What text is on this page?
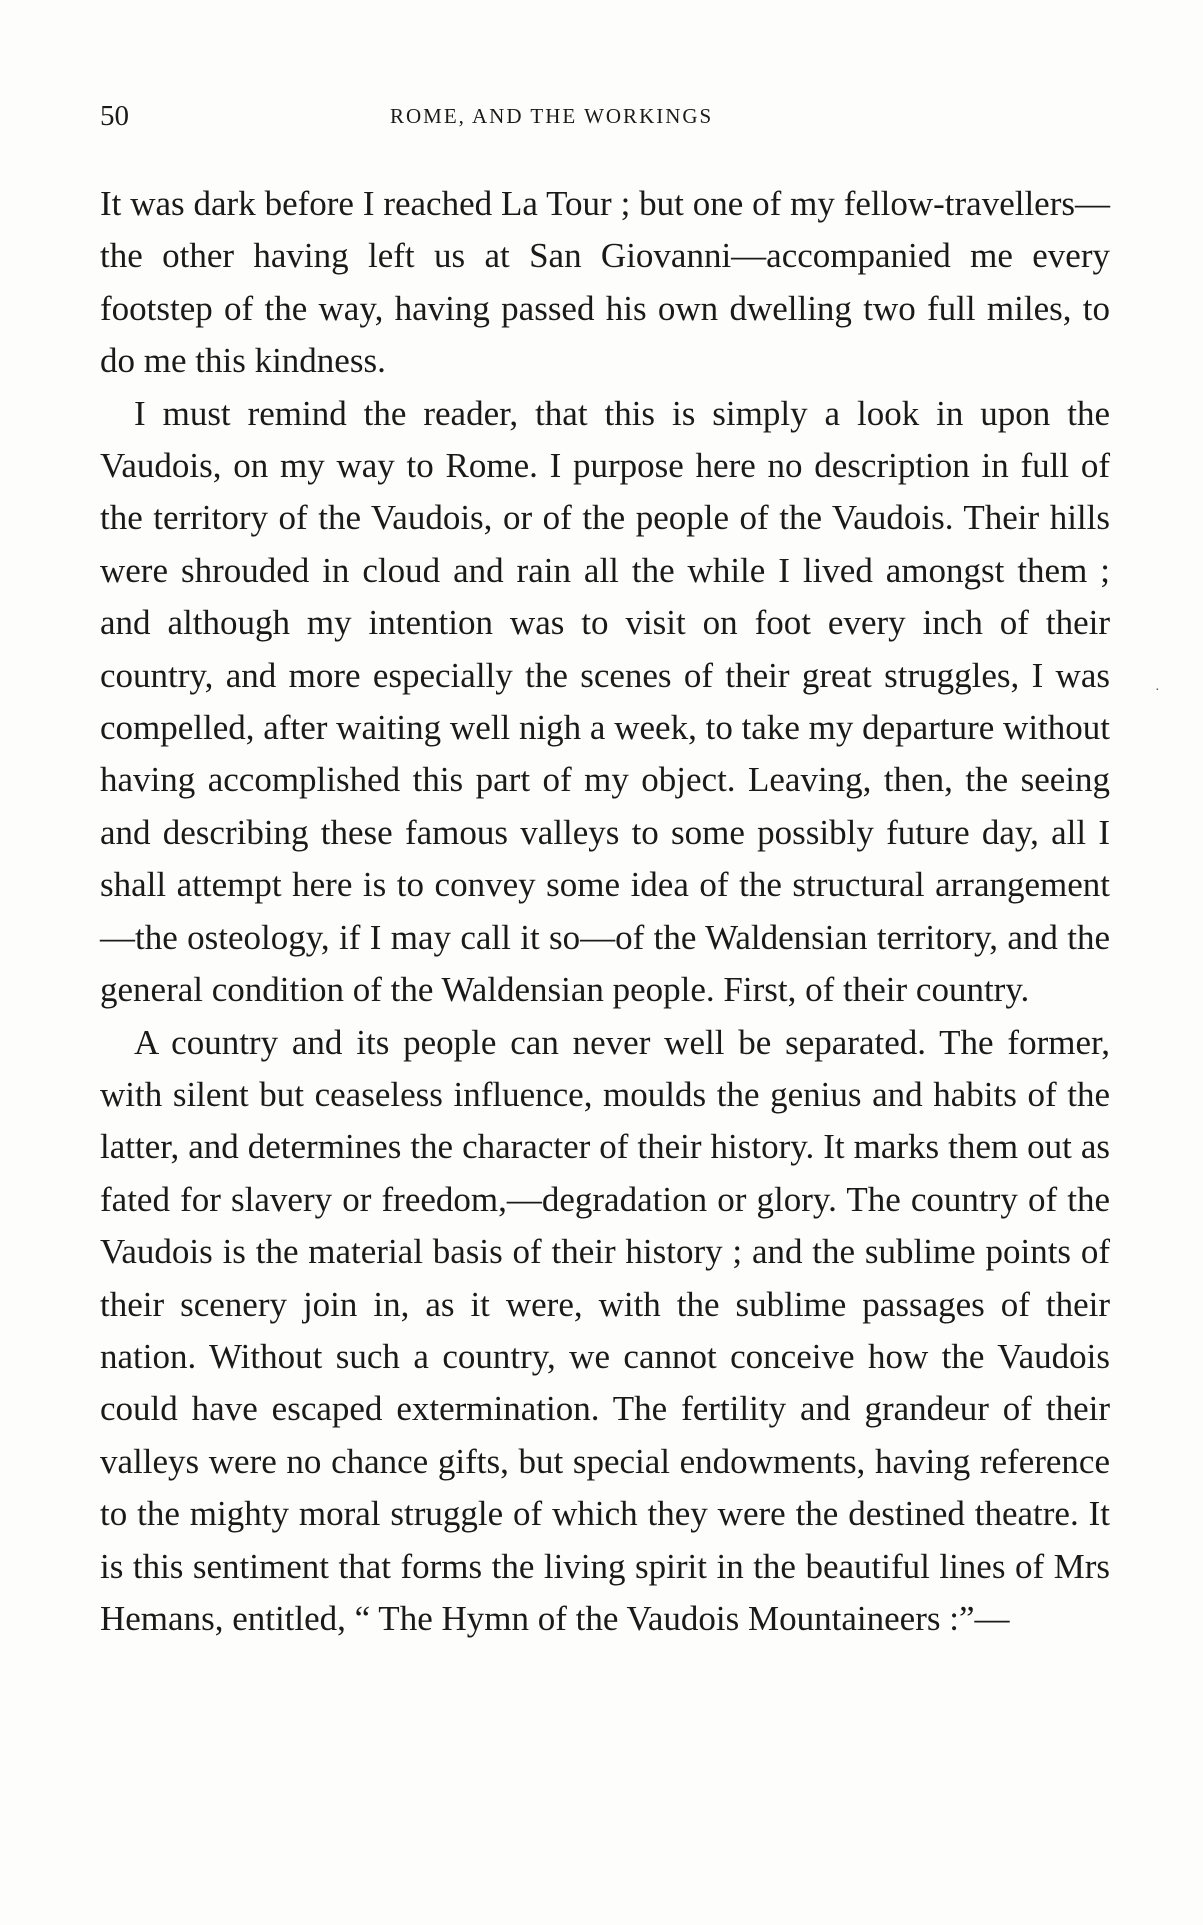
50	ROME, AND THE WORKINGS

It was dark before I reached La Tour ; but one of my fellow-travellers—the other having left us at San Giovanni—accompanied me every footstep of the way, having passed his own dwelling two full miles, to do me this kindness.

I must remind the reader, that this is simply a look in upon the Vaudois, on my way to Rome. I purpose here no description in full of the territory of the Vaudois, or of the people of the Vaudois. Their hills were shrouded in cloud and rain all the while I lived amongst them ; and although my intention was to visit on foot every inch of their country, and more especially the scenes of their great struggles, I was compelled, after waiting well nigh a week, to take my departure without having accomplished this part of my object. Leaving, then, the seeing and describing these famous valleys to some possibly future day, all I shall attempt here is to convey some idea of the structural arrangement—the osteology, if I may call it so—of the Waldensian territory, and the general condition of the Waldensian people. First, of their country.

A country and its people can never well be separated. The former, with silent but ceaseless influence, moulds the genius and habits of the latter, and determines the character of their history. It marks them out as fated for slavery or freedom,—degradation or glory. The country of the Vaudois is the material basis of their history ; and the sublime points of their scenery join in, as it were, with the sublime passages of their nation. Without such a country, we cannot conceive how the Vaudois could have escaped extermination. The fertility and grandeur of their valleys were no chance gifts, but special endowments, having reference to the mighty moral struggle of which they were the destined theatre. It is this sentiment that forms the living spirit in the beautiful lines of Mrs Hemans, entitled, “ The Hymn of the Vaudois Mountaineers :”—

·
